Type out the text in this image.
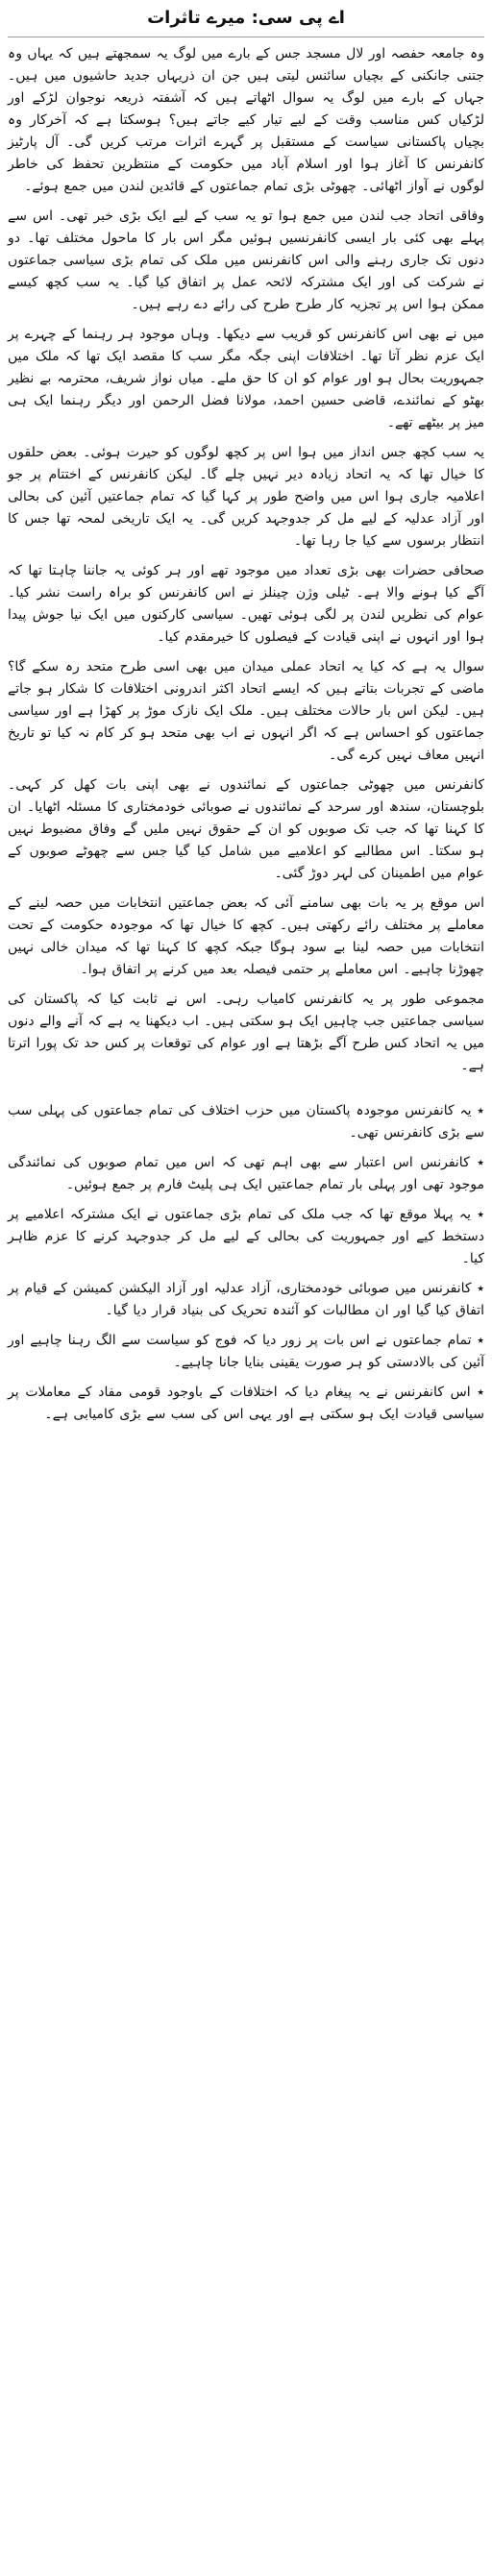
اے پی سی: میرے تاثرات

وہ جامعہ حفصہ اور لال مسجد جس کے بارے میں لوگ یہ سمجھتے ہیں کہ یہاں وہ جتنی جانکنی کے بچیاں سائنس لیتی ہیں جن ان ذریہاں جدید حاشیوں میں ہیں۔ جہاں کے بارے میں لوگ یہ سوال اٹھاتے ہیں کہ آشفتہ ذریعہ نوجوان لڑکے اور لڑکیاں کس مناسب وقت کے لیے تیار کیے جاتے ہیں؟ ہوسکتا ہے کہ آخرکار وہ بچیاں پاکستانی سیاست کے مستقبل پر گہرے اثرات مرتب کریں گی۔ آل پارٹیز کانفرنس کا آغاز ہوا اور اسلام آباد میں حکومت کے منتظرین تحفظ کی خاطر لوگوں نے آواز اٹھائی۔ چھوٹی بڑی تمام جماعتوں کے قائدین لندن میں جمع ہوئے۔

وفاقی اتحاد جب لندن میں جمع ہوا تو یہ سب کے لیے ایک بڑی خبر تھی۔ اس سے پہلے بھی کئی بار ایسی کانفرنسیں ہوئیں مگر اس بار کا ماحول مختلف تھا۔ دو دنوں تک جاری رہنے والی اس کانفرنس میں ملک کی تمام بڑی سیاسی جماعتوں نے شرکت کی اور ایک مشترکہ لائحہ عمل پر اتفاق کیا گیا۔ یہ سب کچھ کیسے ممکن ہوا اس پر تجزیہ کار طرح طرح کی رائے دے رہے ہیں۔

میں نے بھی اس کانفرنس کو قریب سے دیکھا۔ وہاں موجود ہر رہنما کے چہرے پر ایک عزم نظر آتا تھا۔ اختلافات اپنی جگہ مگر سب کا مقصد ایک تھا کہ ملک میں جمہوریت بحال ہو اور عوام کو ان کا حق ملے۔ میاں نواز شریف، محترمہ بے نظیر بھٹو کے نمائندے، قاضی حسین احمد، مولانا فضل الرحمن اور دیگر رہنما ایک ہی میز پر بیٹھے تھے۔

یہ سب کچھ جس انداز میں ہوا اس پر کچھ لوگوں کو حیرت ہوئی۔ بعض حلقوں کا خیال تھا کہ یہ اتحاد زیادہ دیر نہیں چلے گا۔ لیکن کانفرنس کے اختتام پر جو اعلامیہ جاری ہوا اس میں واضح طور پر کہا گیا کہ تمام جماعتیں آئین کی بحالی اور آزاد عدلیہ کے لیے مل کر جدوجہد کریں گی۔ یہ ایک تاریخی لمحہ تھا جس کا انتظار برسوں سے کیا جا رہا تھا۔

صحافی حضرات بھی بڑی تعداد میں موجود تھے اور ہر کوئی یہ جاننا چاہتا تھا کہ آگے کیا ہونے والا ہے۔ ٹیلی وژن چینلز نے اس کانفرنس کو براہ راست نشر کیا۔ عوام کی نظریں لندن پر لگی ہوئی تھیں۔ سیاسی کارکنوں میں ایک نیا جوش پیدا ہوا اور انہوں نے اپنی قیادت کے فیصلوں کا خیرمقدم کیا۔

سوال یہ ہے کہ کیا یہ اتحاد عملی میدان میں بھی اسی طرح متحد رہ سکے گا؟ ماضی کے تجربات بتاتے ہیں کہ ایسے اتحاد اکثر اندرونی اختلافات کا شکار ہو جاتے ہیں۔ لیکن اس بار حالات مختلف ہیں۔ ملک ایک نازک موڑ پر کھڑا ہے اور سیاسی جماعتوں کو احساس ہے کہ اگر انہوں نے اب بھی متحد ہو کر کام نہ کیا تو تاریخ انہیں معاف نہیں کرے گی۔

کانفرنس میں چھوٹی جماعتوں کے نمائندوں نے بھی اپنی بات کھل کر کہی۔ بلوچستان، سندھ اور سرحد کے نمائندوں نے صوبائی خودمختاری کا مسئلہ اٹھایا۔ ان کا کہنا تھا کہ جب تک صوبوں کو ان کے حقوق نہیں ملیں گے وفاق مضبوط نہیں ہو سکتا۔ اس مطالبے کو اعلامیے میں شامل کیا گیا جس سے چھوٹے صوبوں کے عوام میں اطمینان کی لہر دوڑ گئی۔

اس موقع پر یہ بات بھی سامنے آئی کہ بعض جماعتیں انتخابات میں حصہ لینے کے معاملے پر مختلف رائے رکھتی ہیں۔ کچھ کا خیال تھا کہ موجودہ حکومت کے تحت انتخابات میں حصہ لینا بے سود ہوگا جبکہ کچھ کا کہنا تھا کہ میدان خالی نہیں چھوڑنا چاہیے۔ اس معاملے پر حتمی فیصلہ بعد میں کرنے پر اتفاق ہوا۔

مجموعی طور پر یہ کانفرنس کامیاب رہی۔ اس نے ثابت کیا کہ پاکستان کی سیاسی جماعتیں جب چاہیں ایک ہو سکتی ہیں۔ اب دیکھنا یہ ہے کہ آنے والے دنوں میں یہ اتحاد کس طرح آگے بڑھتا ہے اور عوام کی توقعات پر کس حد تک پورا اترتا ہے۔

٭ یہ کانفرنس موجودہ پاکستان میں حزب اختلاف کی تمام جماعتوں کی پہلی سب سے بڑی کانفرنس تھی۔

٭ کانفرنس اس اعتبار سے بھی اہم تھی کہ اس میں تمام صوبوں کی نمائندگی موجود تھی اور پہلی بار تمام جماعتیں ایک ہی پلیٹ فارم پر جمع ہوئیں۔

٭ یہ پہلا موقع تھا کہ جب ملک کی تمام بڑی جماعتوں نے ایک مشترکہ اعلامیے پر دستخط کیے اور جمہوریت کی بحالی کے لیے مل کر جدوجہد کرنے کا عزم ظاہر کیا۔

٭ کانفرنس میں صوبائی خودمختاری، آزاد عدلیہ اور آزاد الیکشن کمیشن کے قیام پر اتفاق کیا گیا اور ان مطالبات کو آئندہ تحریک کی بنیاد قرار دیا گیا۔

٭ تمام جماعتوں نے اس بات پر زور دیا کہ فوج کو سیاست سے الگ رہنا چاہیے اور آئین کی بالادستی کو ہر صورت یقینی بنایا جانا چاہیے۔

٭ اس کانفرنس نے یہ پیغام دیا کہ اختلافات کے باوجود قومی مفاد کے معاملات پر سیاسی قیادت ایک ہو سکتی ہے اور یہی اس کی سب سے بڑی کامیابی ہے۔
